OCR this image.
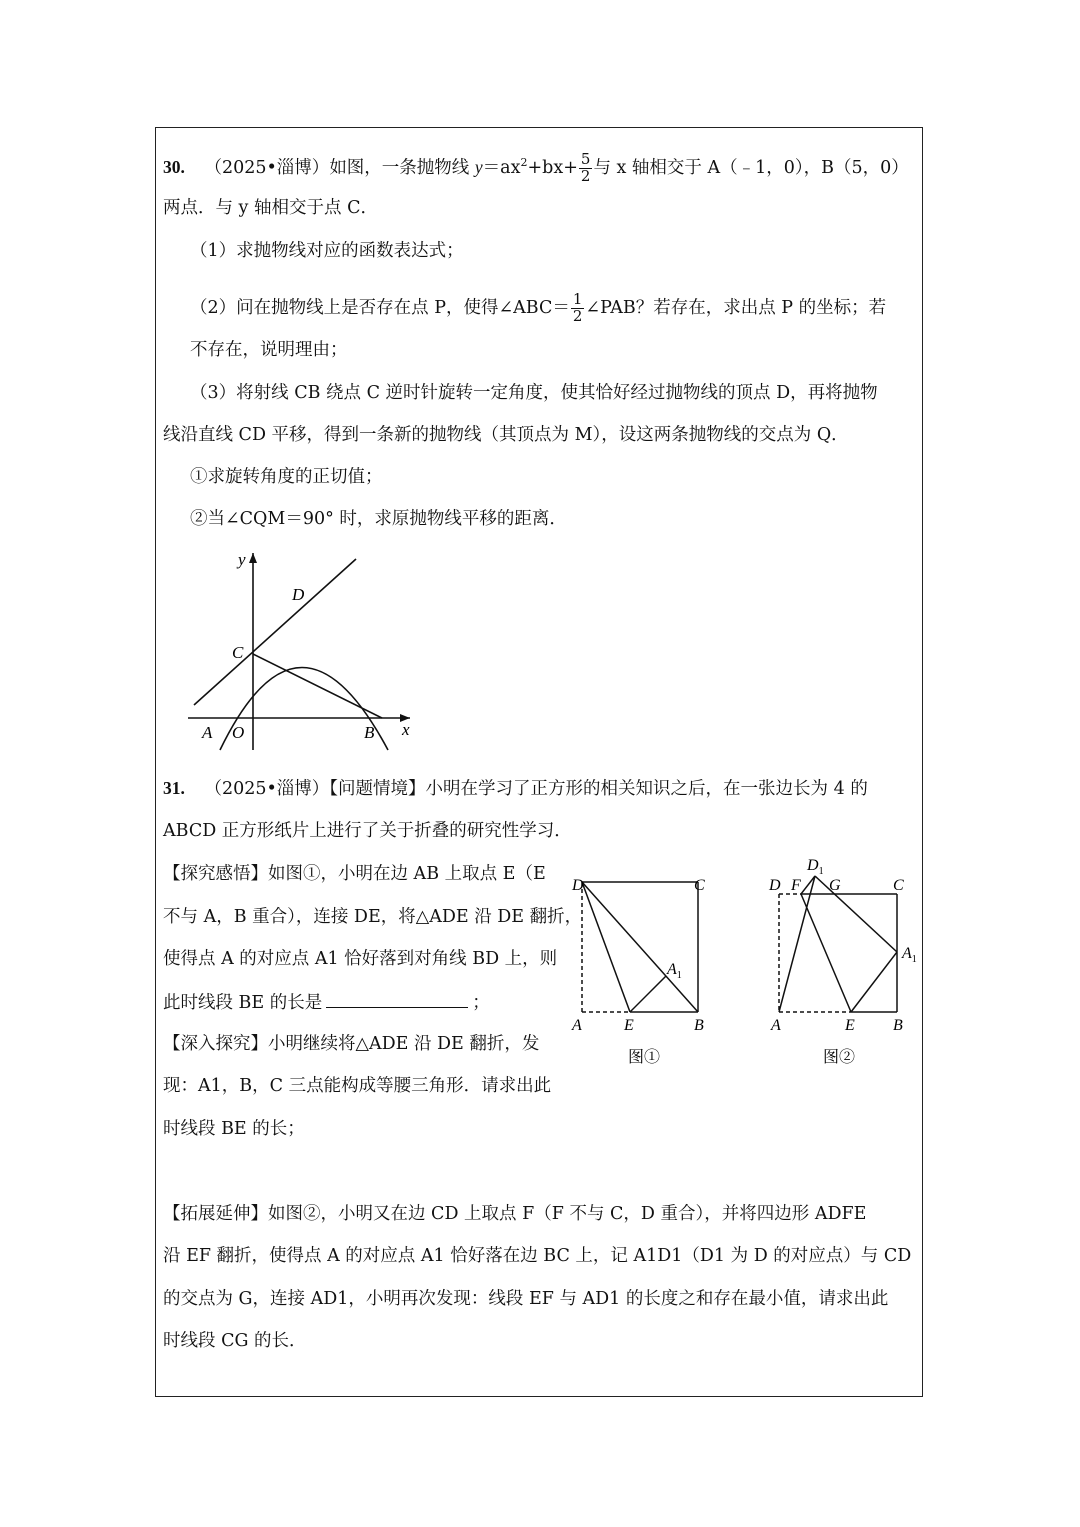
30. （2025•淄博）如图，一条抛物线 $y=ax^2+bx+ \frac{5}{2}$ 与 x 轴相交于 A（﹣1，0），B（5，0）
两点．与 y 轴相交于点 C．
（1）求抛物线对应的函数表达式；
（2）问在抛物线上是否存在点 P，使得∠ABC＝ $\frac{1}{2}$ ∠PAB？若存在，求出点 P 的坐标；若
不存在，说明理由；
（3）将射线 CB 绕点 C 逆时针旋转一定角度，使其恰好经过抛物线的顶点 D，再将抛物
线沿直线 CD 平移，得到一条新的抛物线（其顶点为 M），设这两条抛物线的交点为 Q．
①求旋转角度的正切值；
②当∠CQM＝90° 时，求原抛物线平移的距离．
y
x
D
C
A O	B
31. （2025•淄博）【问题情境】小明在学习了正方形的相关知识之后，在一张边长为 4 的
ABCD 正方形纸片上进行了关于折叠的研究性学习．
【探究感悟】如图①，小明在边 AB 上取点 E（E
不与 A，B 重合），连接 DE，将△ADE 沿 DE 翻折，
使得点 A 的对应点 A1 恰好落到对角线 BD 上，则
此时线段 BE 的长是	；
【深入探究】小明继续将△ADE 沿 DE 翻折，发
现：A1，B，C 三点能构成等腰三角形．请求出此
时线段 BE 的长；
【拓展延伸】如图②，小明又在边 CD 上取点 F（F 不与 C，D 重合），并将四边形 ADFE
沿 EF 翻折，使得点 A 的对应点 A1 恰好落在边 BC 上，记 A1D1（D1 为 D 的对应点）与 CD
的交点为 G，连接 AD1，小明再次发现：线段 EF 与 AD1 的长度之和存在最小值，请求出此
时线段 CG 的长．
D	C
A	E	B
$A_1$
图①
D F
$D_1$
G	C
$A_1$
A	E B
图②
